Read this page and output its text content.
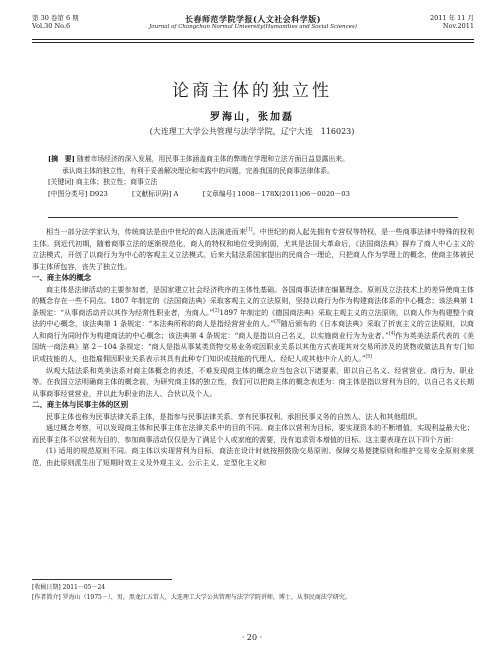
第 30 卷第 6 期
Vol.30 No.6
长春师范学院学报(人文社会科学版)
Journal of Changchun Normal University(Humanities and Social Sciences)
2011 年 11 月
Nov.2011
论商主体的独立性
罗海山，张加磊
(大连理工大学公共管理与法学学院，辽宁大连　116023)
[摘　要] 随着市场经济的深入发展，用民事主体涵盖商主体的弊端在学理和立法方面日益显露出来。
承认商主体的独立性，有利于妥善解决理论和实践中的问题，完善我国的民商事法律体系。
[关键词] 商主体；独立性；商事立法
[中图分类号] D923	[文献标识码] A	[文章编号] 1008－178X(2011)06－0020－03

相当一部分法学家认为，传统商法是由中世纪的商人法演进而来[1]。中世纪的商人起先拥有专营权等特权，是一些商事法律中特殊的权利主体。到近代初期，随着商事立法的逐渐规范化，商人的特权和地位受到削弱，尤其是法国大革命后，《法国商法典》摒弃了商人中心主义的立法模式，开创了以商行为为中心的客观主义立法模式。后来大陆法系国家提出的民商合一理论，只把商人作为学理上的概念，使商主体被民事主体所包容，丧失了独立性。

一、商主体的概念

商主体是法律活动的主要参加者，是国家建立社会经济秩序的主体性基础。各国商事法律在编纂理念、原则及立法技术上的差异使商主体的概念存在一些不同点。1807 年制定的《法国商法典》采取客观主义的立法原则，坚持以商行为作为构建商法体系的中心概念；该法典第 1 条规定：“从事商活动并以其作为经常性职业者，为商人。”[2]1897 年制定的《德国商法典》采取主观主义的立法原则，以商人作为构建整个商法的中心概念，该法典第 1 条规定：“本法典所称的商人是指经营营业的人。”[3]随后颁布的《日本商法典》采取了折衷主义的立法原则，以商人和商行为同时作为构建商法的中心概念；该法典第 4 条规定：“商人是指以自己名义，以实施商业行为为业者。”[4]作为英美法系代表的《美国统一商法典》第 2－104 条规定：“商人是指从事某类货物交易业务或因职业关系以其他方式表现其对交易所涉及的货物或做法具有专门知识或技能的人，也指雇佣因职业关系表示其具有此种专门知识或技能的代理人、经纪人或其他中介人的人。”[5]

纵观大陆法系和英美法系对商主体概念的表述，不难发现商主体的概念应当包含以下诸要素，即以自己名义、经营营业、商行为、职业等。在我国立法明确商主体的概念前，为研究商主体的独立性，我们可以把商主体的概念表述为：商主体是指以营利为目的，以自己名义长期从事商事经营营业，并以此为职业的法人、合伙以及个人。

二、商主体与民事主体的区别

民事主体也称为民事法律关系主体，是指参与民事法律关系、享有民事权利、承担民事义务的自然人、法人和其他组织。

通过概念考察，可以发现商主体和民事主体在法律关系中的目的不同。商主体以营利为目标，要实现资本的不断增值，实现利益最大化；而民事主体不以营利为目的，参加商事活动仅仅是为了满足个人或家庭的需要，没有追求资本增值的目标。这主要表现在以下四个方面：

(1) 适用的规范原则不同。商主体以实现营利为目标，商法在设计时就按照鼓励交易原则、保障交易便捷原则和维护交易安全原则来规范，由此原则派生出了短期时效主义及外观主义、公示主义、定型化主义和

[收稿日期] 2011－05－24
[作者简介] 罗海山（1975－），男，黑龙江五常人，大连理工大学公共管理与法学学院讲师，博士，从事民商法学研究。
· 20 ·
